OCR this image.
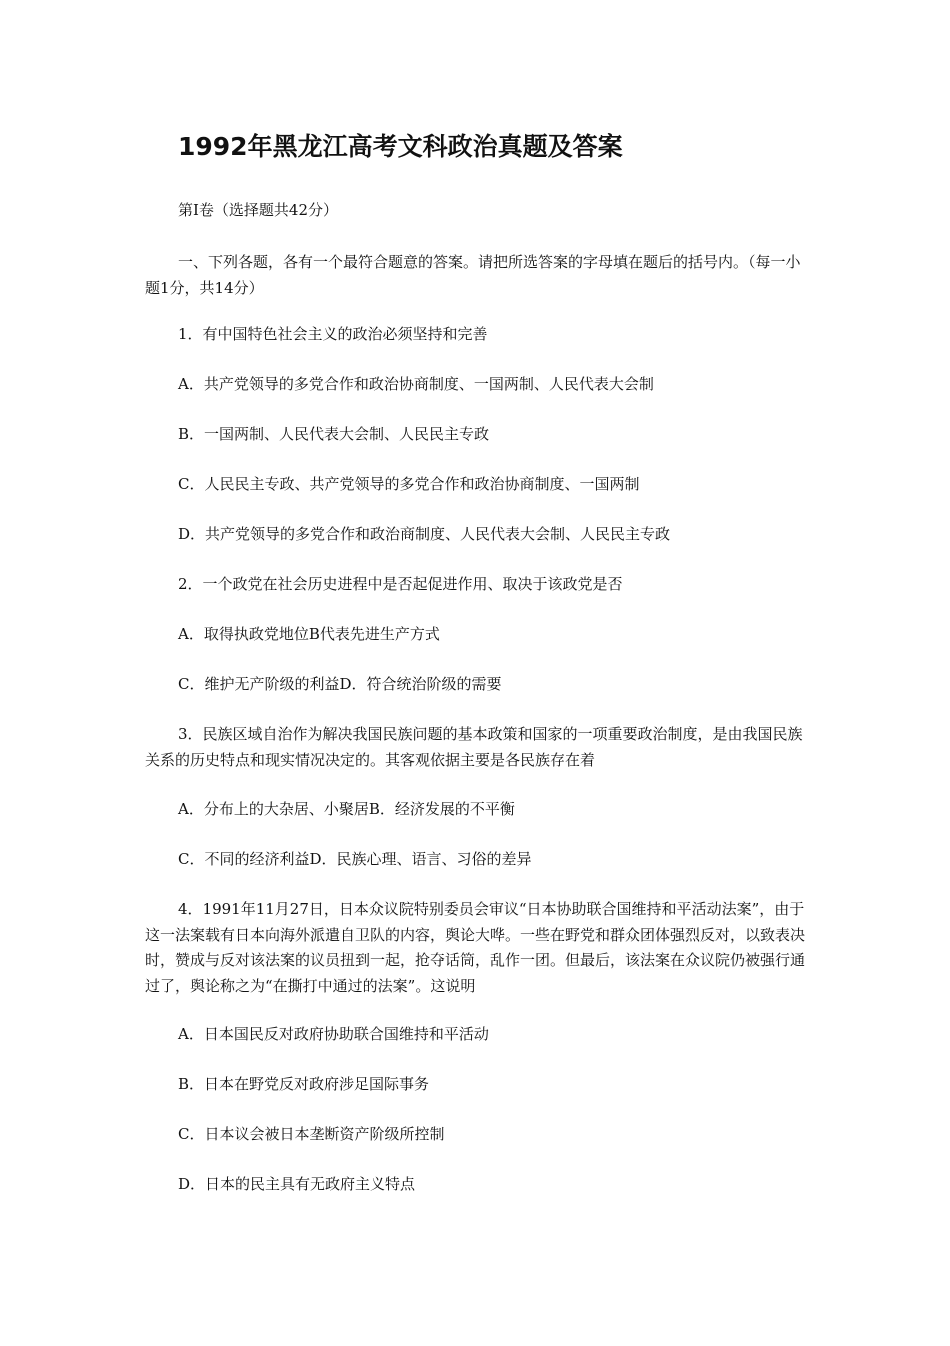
1992年黑龙江高考文科政治真题及答案

第I卷（选择题共42分）

一、下列各题，各有一个最符合题意的答案。请把所选答案的字母填在题后的括号内。（每一小题1分，共14分）

1．有中国特色社会主义的政治必须坚持和完善

A．共产党领导的多党合作和政治协商制度、一国两制、人民代表大会制

B．一国两制、人民代表大会制、人民民主专政

C．人民民主专政、共产党领导的多党合作和政治协商制度、一国两制

D．共产党领导的多党合作和政治商制度、人民代表大会制、人民民主专政

2．一个政党在社会历史进程中是否起促进作用、取决于该政党是否

A．取得执政党地位B代表先进生产方式

C．维护无产阶级的利益D．符合统治阶级的需要

3．民族区域自治作为解决我国民族问题的基本政策和国家的一项重要政治制度，是由我国民族关系的历史特点和现实情况决定的。其客观依据主要是各民族存在着

A．分布上的大杂居、小聚居B．经济发展的不平衡

C．不同的经济利益D．民族心理、语言、习俗的差异

4．1991年11月27日，日本众议院特别委员会审议“日本协助联合国维持和平活动法案”，由于这一法案载有日本向海外派遣自卫队的内容，舆论大哗。一些在野党和群众团体强烈反对，以致表决时，赞成与反对该法案的议员扭到一起，抢夺话筒，乱作一团。但最后，该法案在众议院仍被强行通过了，舆论称之为“在撕打中通过的法案”。这说明

A．日本国民反对政府协助联合国维持和平活动

B．日本在野党反对政府涉足国际事务

C．日本议会被日本垄断资产阶级所控制

D．日本的民主具有无政府主义特点
